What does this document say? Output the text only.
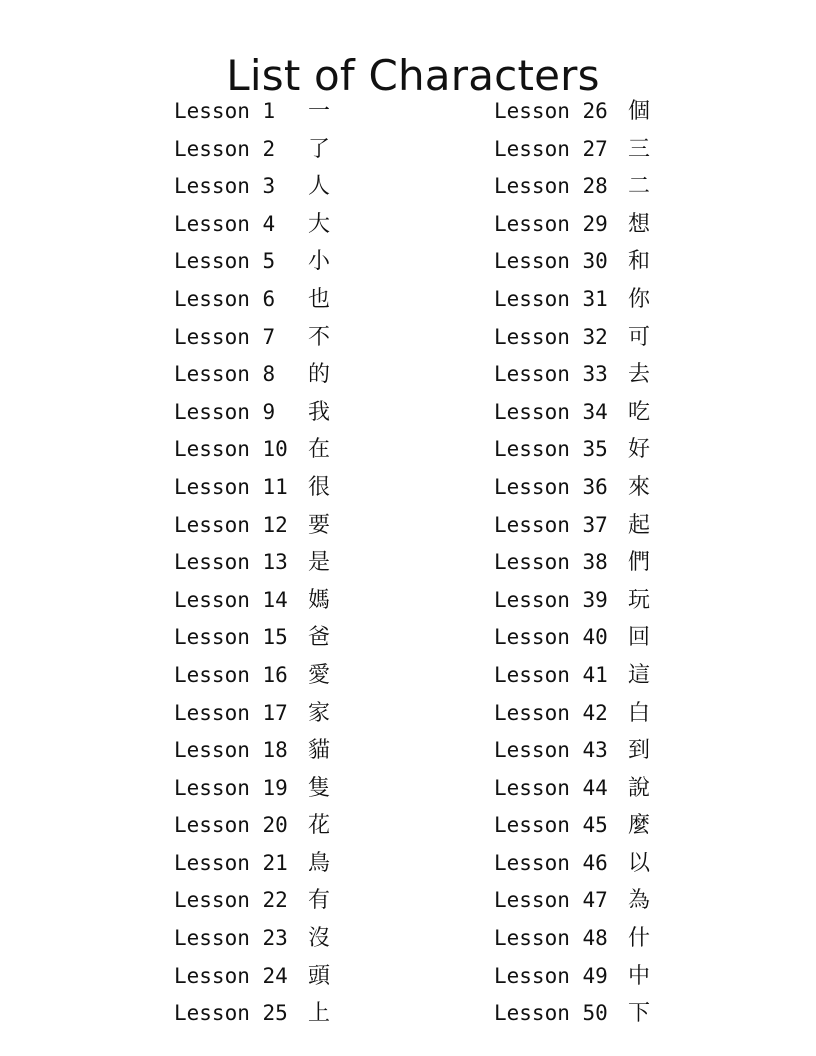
List of Characters
Lesson 1	一
Lesson 2	了
Lesson 3	人
Lesson 4	大
Lesson 5	小
Lesson 6	也
Lesson 7	不
Lesson 8	的
Lesson 9	我
Lesson 10 在
Lesson 11 很
Lesson 12 要
Lesson 13 是
Lesson 14 媽
Lesson 15 爸
Lesson 16 愛
Lesson 17 家
Lesson 18 貓
Lesson 19 隻
Lesson 20 花
Lesson 21 鳥
Lesson 22 有
Lesson 23 沒
Lesson 24 頭
Lesson 25 上
Lesson 26 個
Lesson 27 三
Lesson 28 二
Lesson 29 想
Lesson 30 和
Lesson 31 你
Lesson 32 可
Lesson 33 去
Lesson 34 吃
Lesson 35 好
Lesson 36 來
Lesson 37 起
Lesson 38 們
Lesson 39 玩
Lesson 40 回
Lesson 41 這
Lesson 42 白
Lesson 43 到
Lesson 44 說
Lesson 45 麼
Lesson 46 以
Lesson 47 為
Lesson 48 什
Lesson 49 中
Lesson 50 下
